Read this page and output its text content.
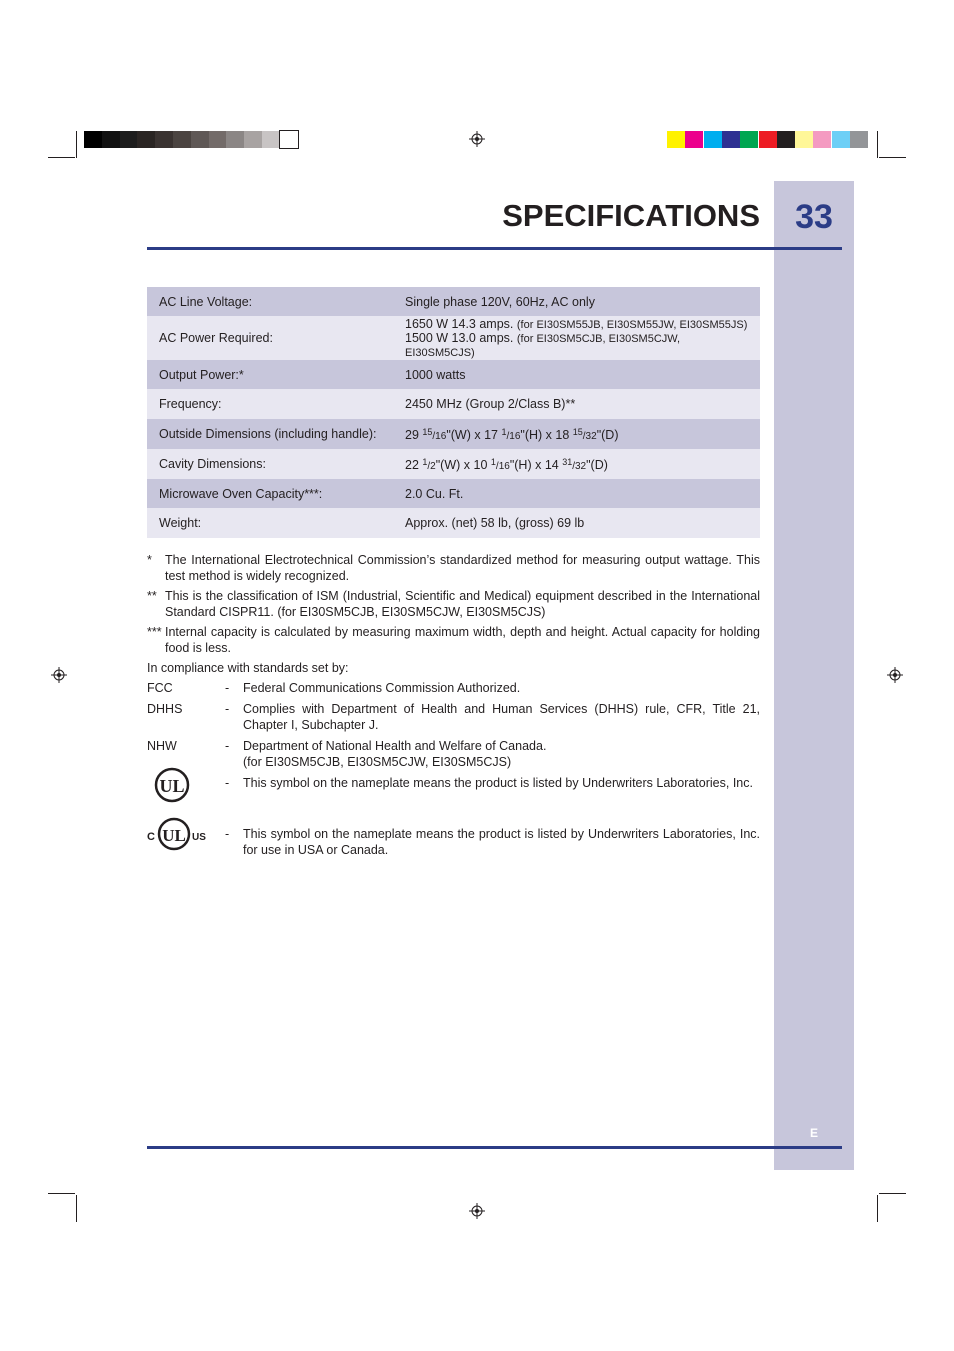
33
E
SPECIFICATIONS
AC Line Voltage:	Single phase 120V, 60Hz, AC only
AC Power Required:	1650 W 14.3 amps. (for EI30SM55JB, EI30SM55JW, EI30SM55JS)
1500 W 13.0 amps. (for EI30SM5CJB, EI30SM5CJW, EI30SM5CJS)

Output Power:*	1000 watts
Frequency:	2450 MHz (Group 2/Class B)**
Outside Dimensions (including handle):	29 $^{15}$/16"(W) x 17 $^1$/16"(H) x 18 $^{15}$/32"(D)
Cavity Dimensions:	22 $^1$/2"(W) x 10 $^1$/16"(H) x 14 $^{31}$/32"(D)
Microwave Oven Capacity***:	2.0 Cu. Ft.
Weight:	Approx. (net) 58 lb, (gross) 69 lb
* The International Electrotechnical Commission’s standardized method for measuring output wattage. This test method is widely recognized.
** This is the classification of ISM (Industrial, Scientific and Medical) equipment described in the International Standard CISPR11. (for EI30SM5CJB, EI30SM5CJW, EI30SM5CJS)
*** Internal capacity is calculated by measuring maximum width, depth and height. Actual capacity for holding food is less.
In compliance with standards set by:
FCC	- Federal Communications Commission Authorized.
DHHS	- Complies with Department of Health and Human Services (DHHS) rule, CFR, Title 21, Chapter I, Subchapter J.
NHW	- Department of National Health and Welfare of Canada.
(for EI30SM5CJB, EI30SM5CJW, EI30SM5CJS)
UL	- This symbol on the nameplate means the product is listed by Underwriters Laboratories, Inc.
C UL US - This symbol on the nameplate means the product is listed by Underwriters Laboratories, Inc. for use in USA or Canada.
